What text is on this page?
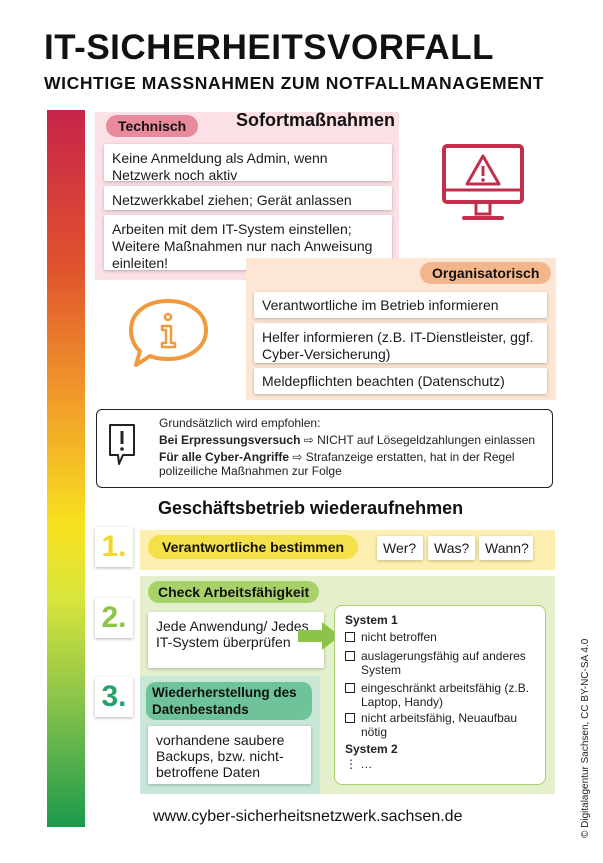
IT-SICHERHEITSVORFALL
WICHTIGE MASSNAHMEN ZUM NOTFALLMANAGEMENT
Technisch	Sofortmaßnahmen
Keine Anmeldung als Admin, wenn Netzwerk noch aktiv
Netzwerkkabel ziehen; Gerät anlassen
Arbeiten mit dem IT-System einstellen; Weitere Maßnahmen nur nach Anweisung einleiten!
Organisatorisch
Verantwortliche im Betrieb informieren
Helfer informieren (z.B. IT-Dienstleister, ggf. Cyber-Versicherung)
Meldepflichten beachten (Datenschutz)
Grundsätzlich wird empfohlen:
Bei Erpressungsversuch ⇨ NICHT auf Lösegeldzahlungen einlassen
Für alle Cyber-Angriffe ⇨ Strafanzeige erstatten, hat in der Regel
polizeiliche Maßnahmen zur Folge
Geschäftsbetrieb wiederaufnehmen
1.	Verantwortliche bestimmen	Wer?	Was?	Wann?
2.
Check Arbeitsfähigkeit
Jede Anwendung/ Jedes IT-System überprüfen
3.	Wiederherstellung des Datenbestands
vorhandene saubere Backups, bzw. nicht-betroffene Daten
System 1
nicht betroffen
auslagerungsfähig auf anderes System
eingeschränkt arbeitsfähig (z.B. Laptop, Handy)
nicht arbeitsfähig, Neuaufbau nötig
System 2
⋮ …
www.cyber-sicherheitsnetzwerk.sachsen.de	© Digitalagentur Sachsen, CC BY-NC-SA 4.0
